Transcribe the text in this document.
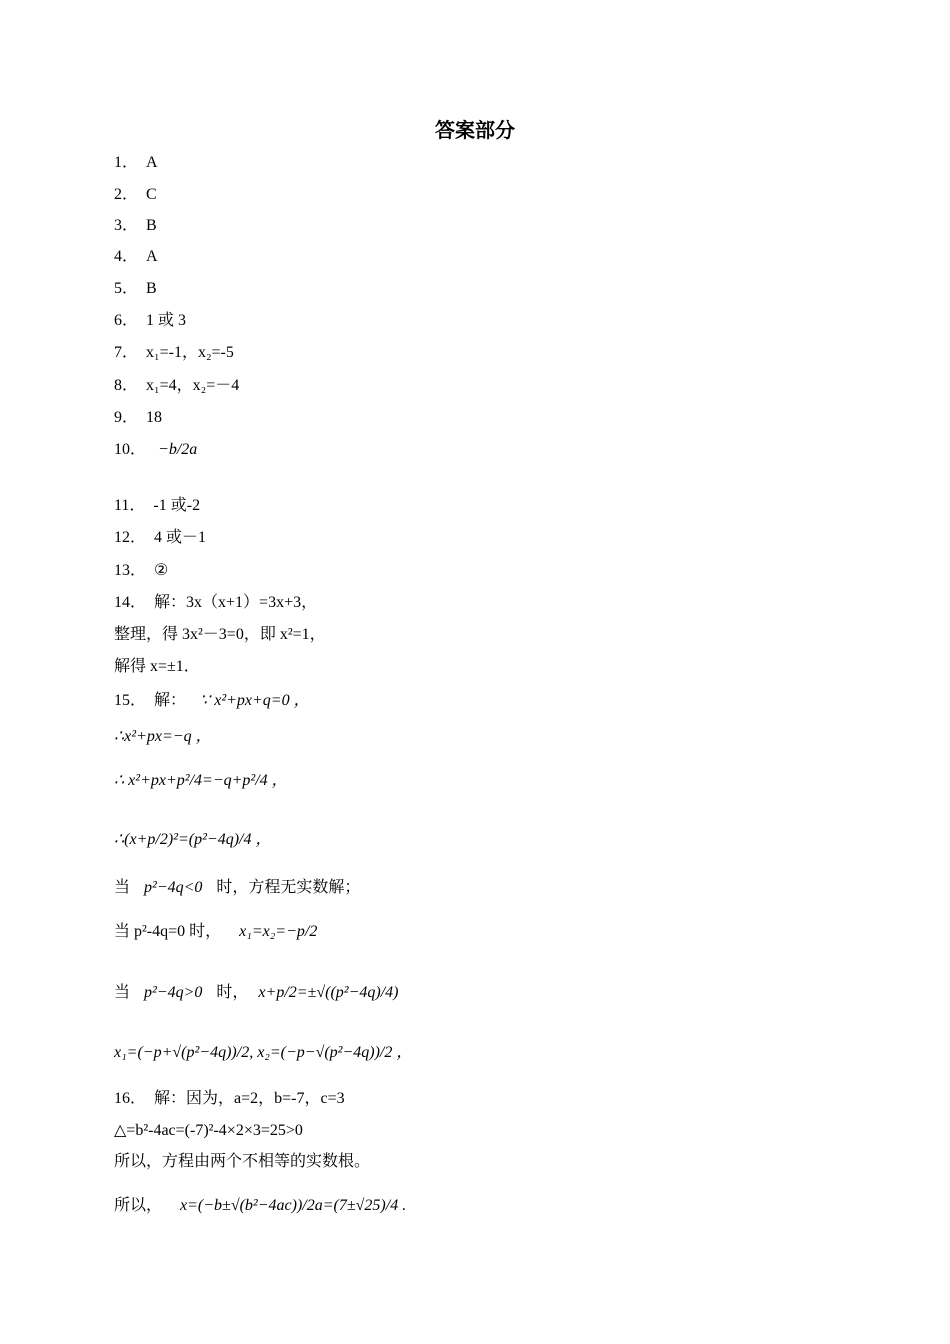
答案部分
1． A
2． C
3． B
4． A
5． B
6． 1 或 3
7． x₁=-1，x₂=-5
8． x₁=4，x₂=－4
9． 18
10． −b/2a
11． -1 或-2
12． 4 或－1
13． ②
14． 解：3x（x+1）=3x+3，
整理，得 3x²－3=0，即 x²=1，
解得 x=±1．
15． 解： ∵ x²+px+q=0 ，
∴x²+px=−q ，
∴ x²+px+p²/4=−q+p²/4 ，
∴(x+p/2)²=(p²−4q)/4 ，
当 p²−4q<0 时，方程无实数解；
当 p²-4q=0 时， x₁=x₂=−p/2
当 p²−4q>0 时， x+p/2=±√((p²−4q)/4)
x₁=(−p+√(p²−4q))/2, x₂=(−p−√(p²−4q))/2 ，
16． 解：因为，a=2，b=-7，c=3
△=b²-4ac=(-7)²-4×2×3=25>0
所以，方程由两个不相等的实数根。
所以， x=(−b±√(b²−4ac))/2a=(7±√25)/4 .
